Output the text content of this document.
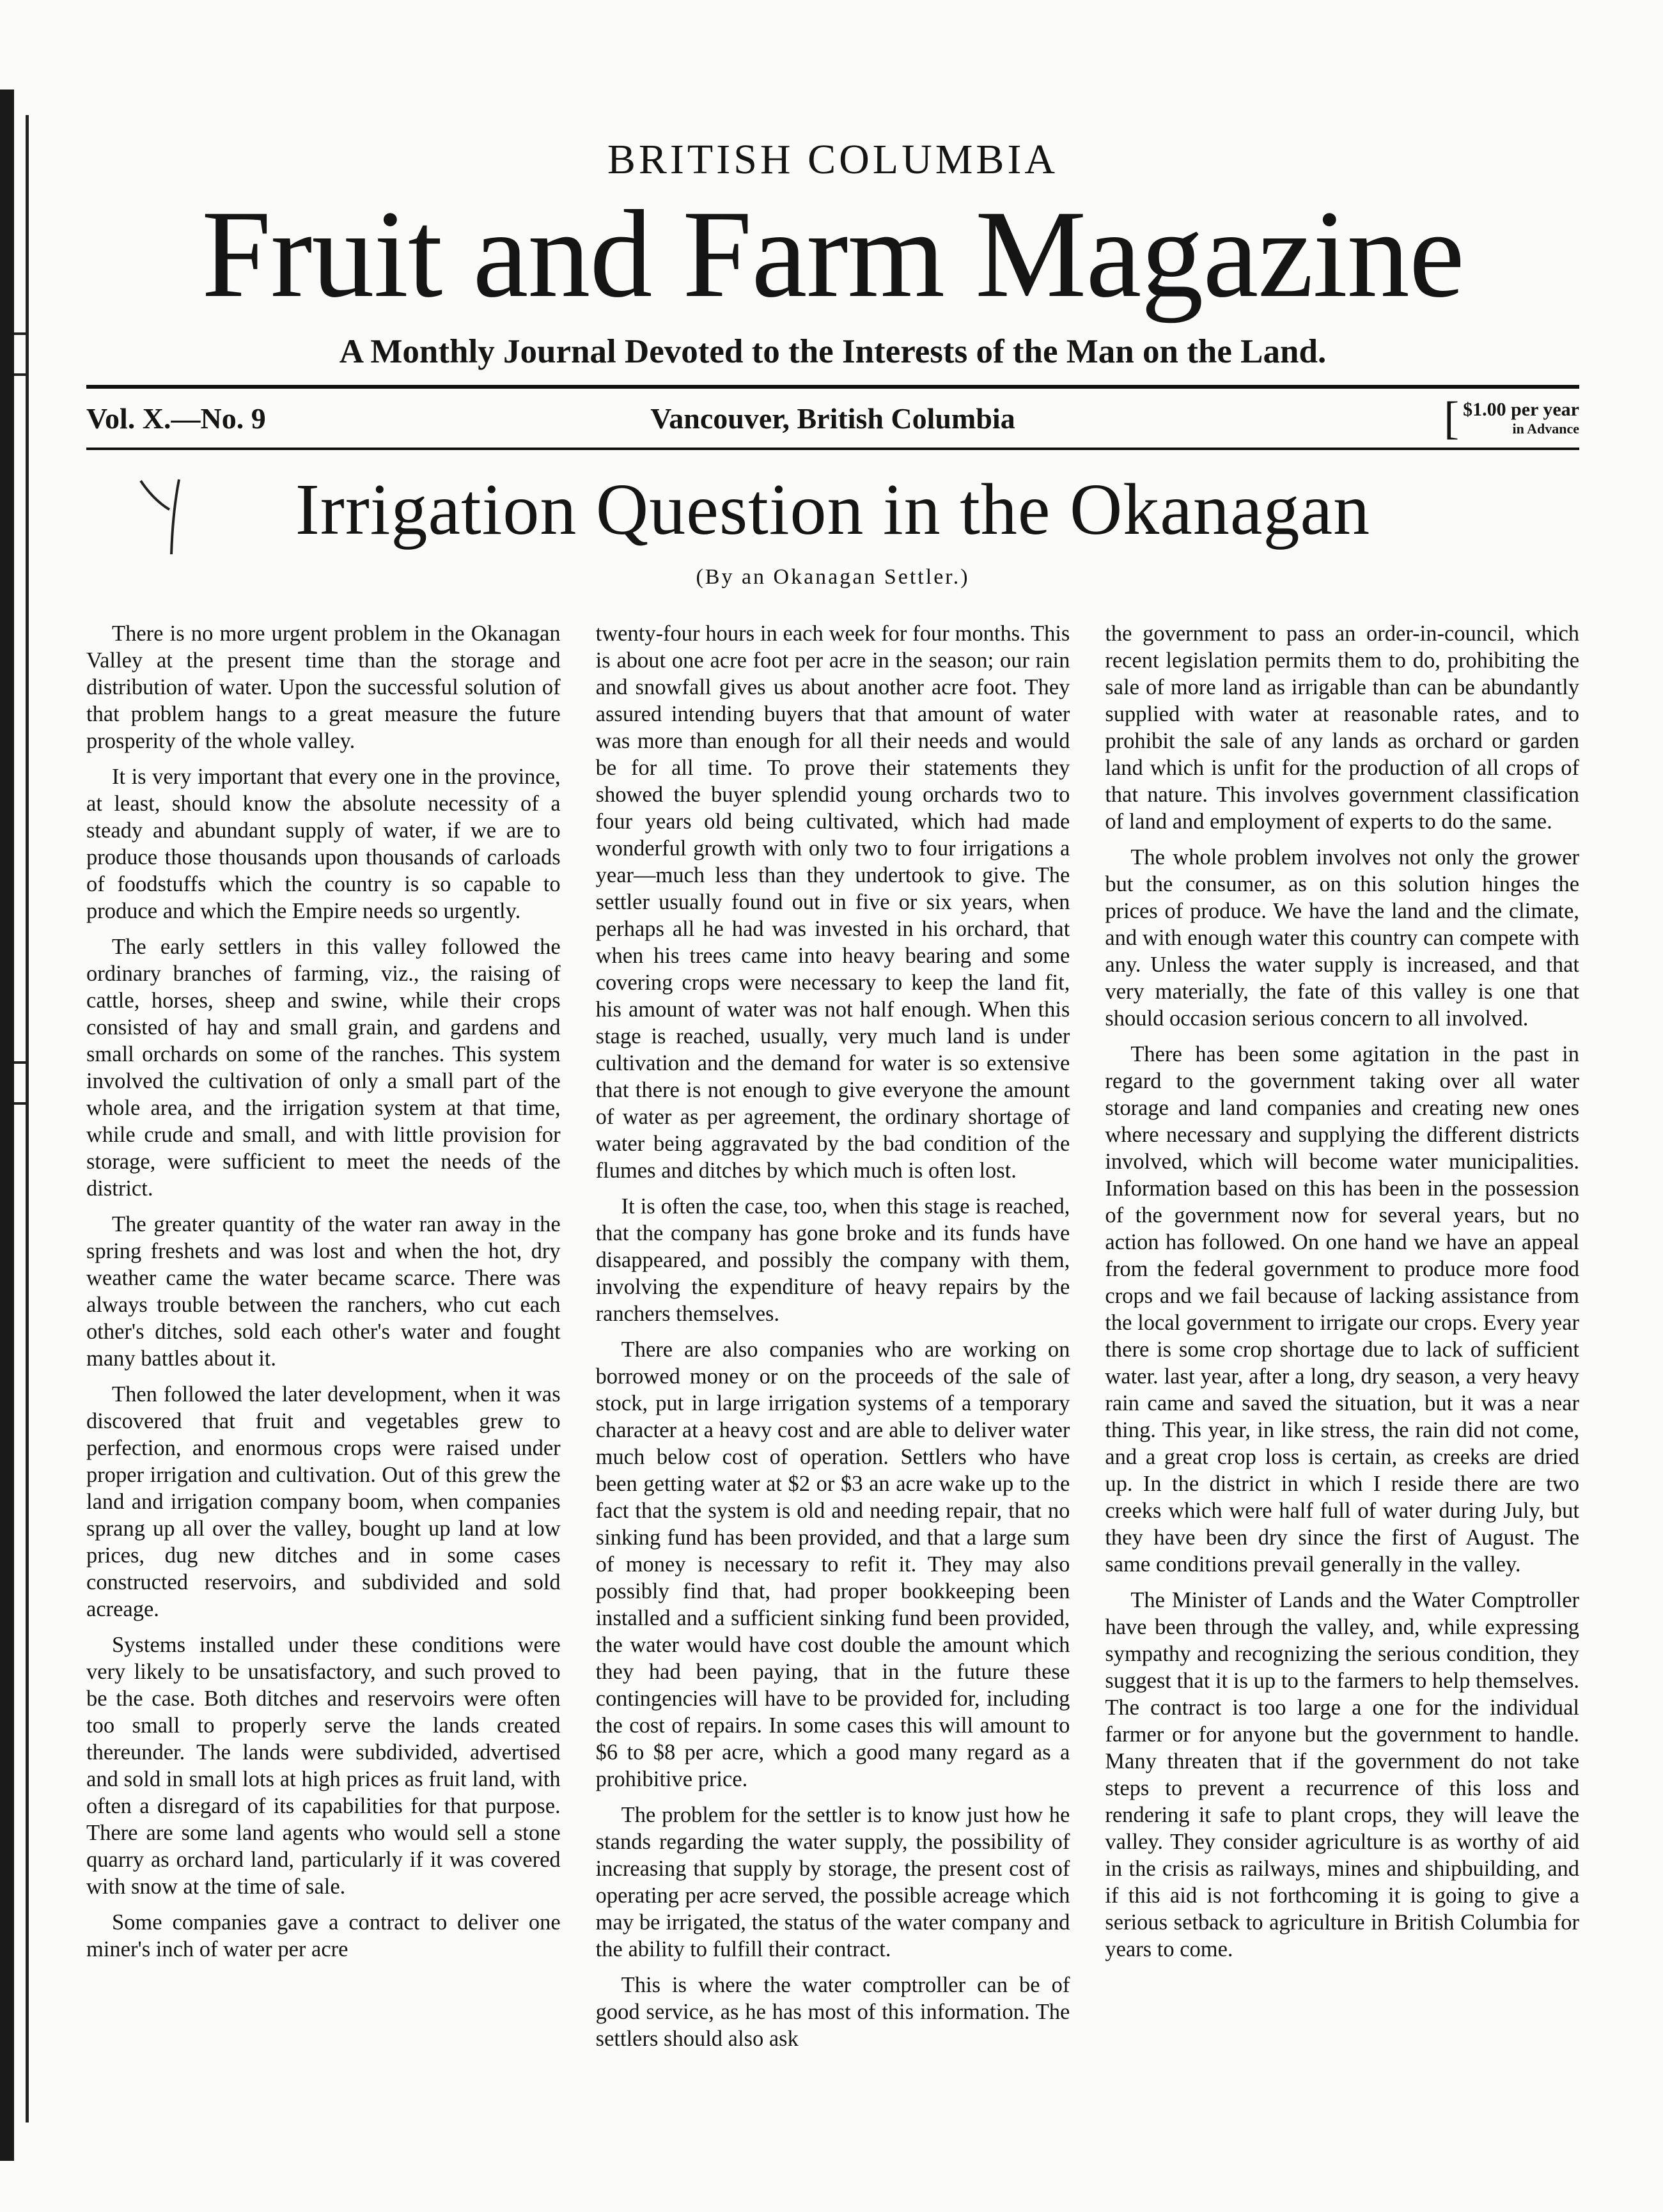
BRITISH COLUMBIA
Fruit and Farm Magazine
A Monthly Journal Devoted to the Interests of the Man on the Land.
Vol. X.—No. 9	Vancouver, British Columbia	[ $1.00 per year
in Advance
Irrigation Question in the Okanagan
(By an Okanagan Settler.)

There is no more urgent problem in the Okanagan Valley at the present time than the storage and distribution of water. Upon the successful solution of that problem hangs to a great measure the future prosperity of the whole valley.

It is very important that every one in the province, at least, should know the absolute necessity of a steady and abundant supply of water, if we are to produce those thousands upon thousands of carloads of foodstuffs which the country is so capable to produce and which the Empire needs so urgently.

The early settlers in this valley followed the ordinary branches of farming, viz., the raising of cattle, horses, sheep and swine, while their crops consisted of hay and small grain, and gardens and small orchards on some of the ranches. This system involved the cultivation of only a small part of the whole area, and the irrigation system at that time, while crude and small, and with little provision for storage, were sufficient to meet the needs of the district.

The greater quantity of the water ran away in the spring freshets and was lost and when the hot, dry weather came the water became scarce. There was always trouble between the ranchers, who cut each other's ditches, sold each other's water and fought many battles about it.

Then followed the later development, when it was discovered that fruit and vegetables grew to perfection, and enormous crops were raised under proper irrigation and cultivation. Out of this grew the land and irrigation company boom, when companies sprang up all over the valley, bought up land at low prices, dug new ditches and in some cases constructed reservoirs, and subdivided and sold acreage.

Systems installed under these conditions were very likely to be unsatisfactory, and such proved to be the case. Both ditches and reservoirs were often too small to properly serve the lands created thereunder. The lands were subdivided, advertised and sold in small lots at high prices as fruit land, with often a disregard of its capabilities for that purpose. There are some land agents who would sell a stone quarry as orchard land, particularly if it was covered with snow at the time of sale.

Some companies gave a contract to deliver one miner's inch of water per acre

twenty-four hours in each week for four months. This is about one acre foot per acre in the season; our rain and snowfall gives us about another acre foot. They assured intending buyers that that amount of water was more than enough for all their needs and would be for all time. To prove their statements they showed the buyer splendid young orchards two to four years old being cultivated, which had made wonderful growth with only two to four irrigations a year—much less than they undertook to give. The settler usually found out in five or six years, when perhaps all he had was invested in his orchard, that when his trees came into heavy bearing and some covering crops were necessary to keep the land fit, his amount of water was not half enough. When this stage is reached, usually, very much land is under cultivation and the demand for water is so extensive that there is not enough to give everyone the amount of water as per agreement, the ordinary shortage of water being aggravated by the bad condition of the flumes and ditches by which much is often lost.

It is often the case, too, when this stage is reached, that the company has gone broke and its funds have disappeared, and possibly the company with them, involving the expenditure of heavy repairs by the ranchers themselves.

There are also companies who are working on borrowed money or on the proceeds of the sale of stock, put in large irrigation systems of a temporary character at a heavy cost and are able to deliver water much below cost of operation. Settlers who have been getting water at $2 or $3 an acre wake up to the fact that the system is old and needing repair, that no sinking fund has been provided, and that a large sum of money is necessary to refit it. They may also possibly find that, had proper bookkeeping been installed and a sufficient sinking fund been provided, the water would have cost double the amount which they had been paying, that in the future these contingencies will have to be provided for, including the cost of repairs. In some cases this will amount to $6 to $8 per acre, which a good many regard as a prohibitive price.

The problem for the settler is to know just how he stands regarding the water supply, the possibility of increasing that supply by storage, the present cost of operating per acre served, the possible acreage which may be irrigated, the status of the water company and the ability to fulfill their contract.

This is where the water comptroller can be of good service, as he has most of this information. The settlers should also ask

the government to pass an order-in-council, which recent legislation permits them to do, prohibiting the sale of more land as irrigable than can be abundantly supplied with water at reasonable rates, and to prohibit the sale of any lands as orchard or garden land which is unfit for the production of all crops of that nature. This involves government classification of land and employment of experts to do the same.

The whole problem involves not only the grower but the consumer, as on this solution hinges the prices of produce. We have the land and the climate, and with enough water this country can compete with any. Unless the water supply is increased, and that very materially, the fate of this valley is one that should occasion serious concern to all involved.

There has been some agitation in the past in regard to the government taking over all water storage and land companies and creating new ones where necessary and supplying the different districts involved, which will become water municipalities. Information based on this has been in the possession of the government now for several years, but no action has followed. On one hand we have an appeal from the federal government to produce more food crops and we fail because of lacking assistance from the local government to irrigate our crops. Every year there is some crop shortage due to lack of sufficient water. last year, after a long, dry season, a very heavy rain came and saved the situation, but it was a near thing. This year, in like stress, the rain did not come, and a great crop loss is certain, as creeks are dried up. In the district in which I reside there are two creeks which were half full of water during July, but they have been dry since the first of August. The same conditions prevail generally in the valley.

The Minister of Lands and the Water Comptroller have been through the valley, and, while expressing sympathy and recognizing the serious condition, they suggest that it is up to the farmers to help themselves. The contract is too large a one for the individual farmer or for anyone but the government to handle. Many threaten that if the government do not take steps to prevent a recurrence of this loss and rendering it safe to plant crops, they will leave the valley. They consider agriculture is as worthy of aid in the crisis as railways, mines and shipbuilding, and if this aid is not forthcoming it is going to give a serious setback to agriculture in British Columbia for years to come.
